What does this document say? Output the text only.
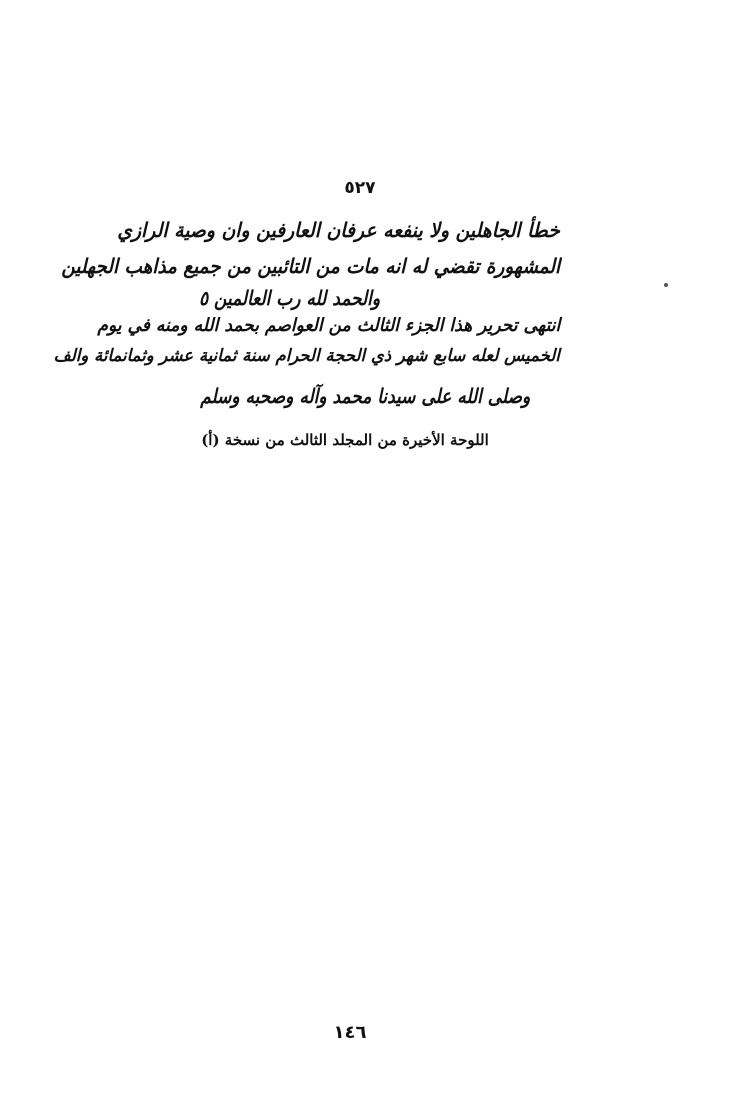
٥٢٧
خطأ الجاهلين ولا ينفعه عرفان العارفين وان وصية الرازي
المشهورة تقضي له انه مات من التائبين من جميع مذاهب الجهلين
والحمد لله رب العالمين ٥
انتهى تحرير هذا الجزء الثالث من العواصم بحمد الله ومنه في يوم
الخميس لعله سابع شهر ذي الحجة الحرام سنة ثمانية عشر وثمانمائة والف
وصلى الله على سيدنا محمد وآله وصحبه وسلم
اللوحة الأخيرة من المجلد الثالث من نسخة (أ)
١٤٦
